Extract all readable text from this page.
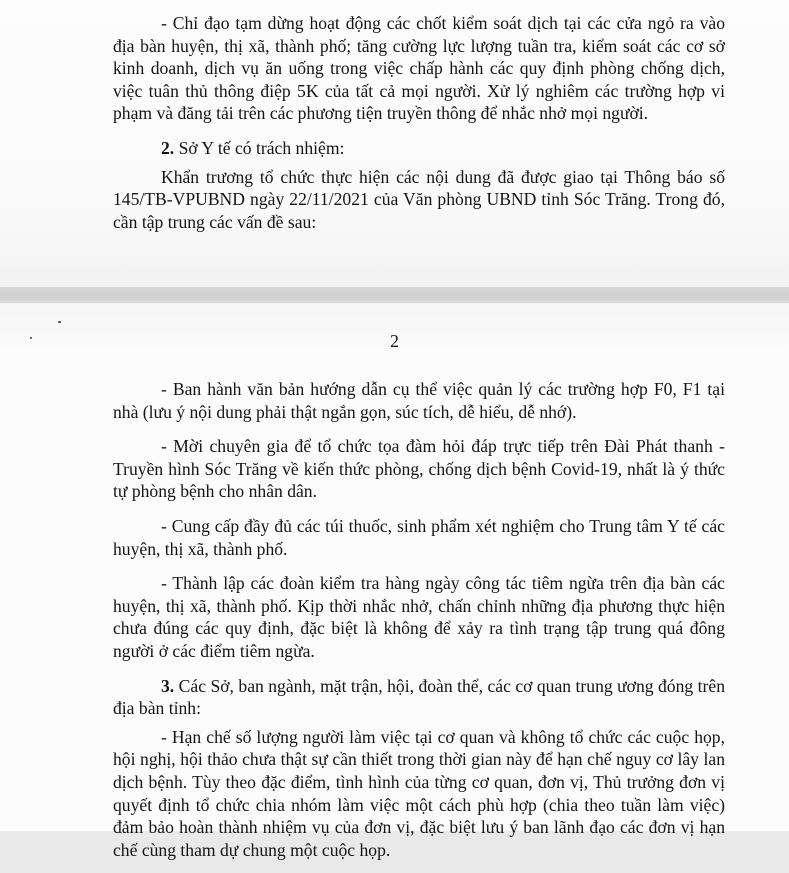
- Chỉ đạo tạm dừng hoạt động các chốt kiểm soát dịch tại các cửa ngỏ ra vào địa bàn huyện, thị xã, thành phố; tăng cường lực lượng tuần tra, kiểm soát các cơ sở kinh doanh, dịch vụ ăn uống trong việc chấp hành các quy định phòng chống dịch, việc tuân thủ thông điệp 5K của tất cả mọi người. Xử lý nghiêm các trường hợp vi phạm và đăng tải trên các phương tiện truyền thông để nhắc nhở mọi người.

2. Sở Y tế có trách nhiệm:

Khẩn trương tổ chức thực hiện các nội dung đã được giao tại Thông báo số 145/TB-VPUBND ngày 22/11/2021 của Văn phòng UBND tỉnh Sóc Trăng. Trong đó, cần tập trung các vấn đề sau:

2

- Ban hành văn bản hướng dẫn cụ thể việc quản lý các trường hợp F0, F1 tại nhà (lưu ý nội dung phải thật ngắn gọn, súc tích, dễ hiểu, dễ nhớ).

- Mời chuyên gia để tổ chức tọa đàm hỏi đáp trực tiếp trên Đài Phát thanh - Truyền hình Sóc Trăng về kiến thức phòng, chống dịch bệnh Covid-19, nhất là ý thức tự phòng bệnh cho nhân dân.

- Cung cấp đầy đủ các túi thuốc, sinh phẩm xét nghiệm cho Trung tâm Y tế các huyện, thị xã, thành phố.

- Thành lập các đoàn kiểm tra hàng ngày công tác tiêm ngừa trên địa bàn các huyện, thị xã, thành phố. Kịp thời nhắc nhở, chấn chỉnh những địa phương thực hiện chưa đúng các quy định, đặc biệt là không để xảy ra tình trạng tập trung quá đông người ở các điểm tiêm ngừa.

3. Các Sở, ban ngành, mặt trận, hội, đoàn thể, các cơ quan trung ương đóng trên địa bàn tỉnh:

- Hạn chế số lượng người làm việc tại cơ quan và không tổ chức các cuộc họp, hội nghị, hội thảo chưa thật sự cần thiết trong thời gian này để hạn chế nguy cơ lây lan dịch bệnh. Tùy theo đặc điểm, tình hình của từng cơ quan, đơn vị, Thủ trưởng đơn vị quyết định tổ chức chia nhóm làm việc một cách phù hợp (chia theo tuần làm việc) đảm bảo hoàn thành nhiệm vụ của đơn vị, đặc biệt lưu ý ban lãnh đạo các đơn vị hạn chế cùng tham dự chung một cuộc họp.
